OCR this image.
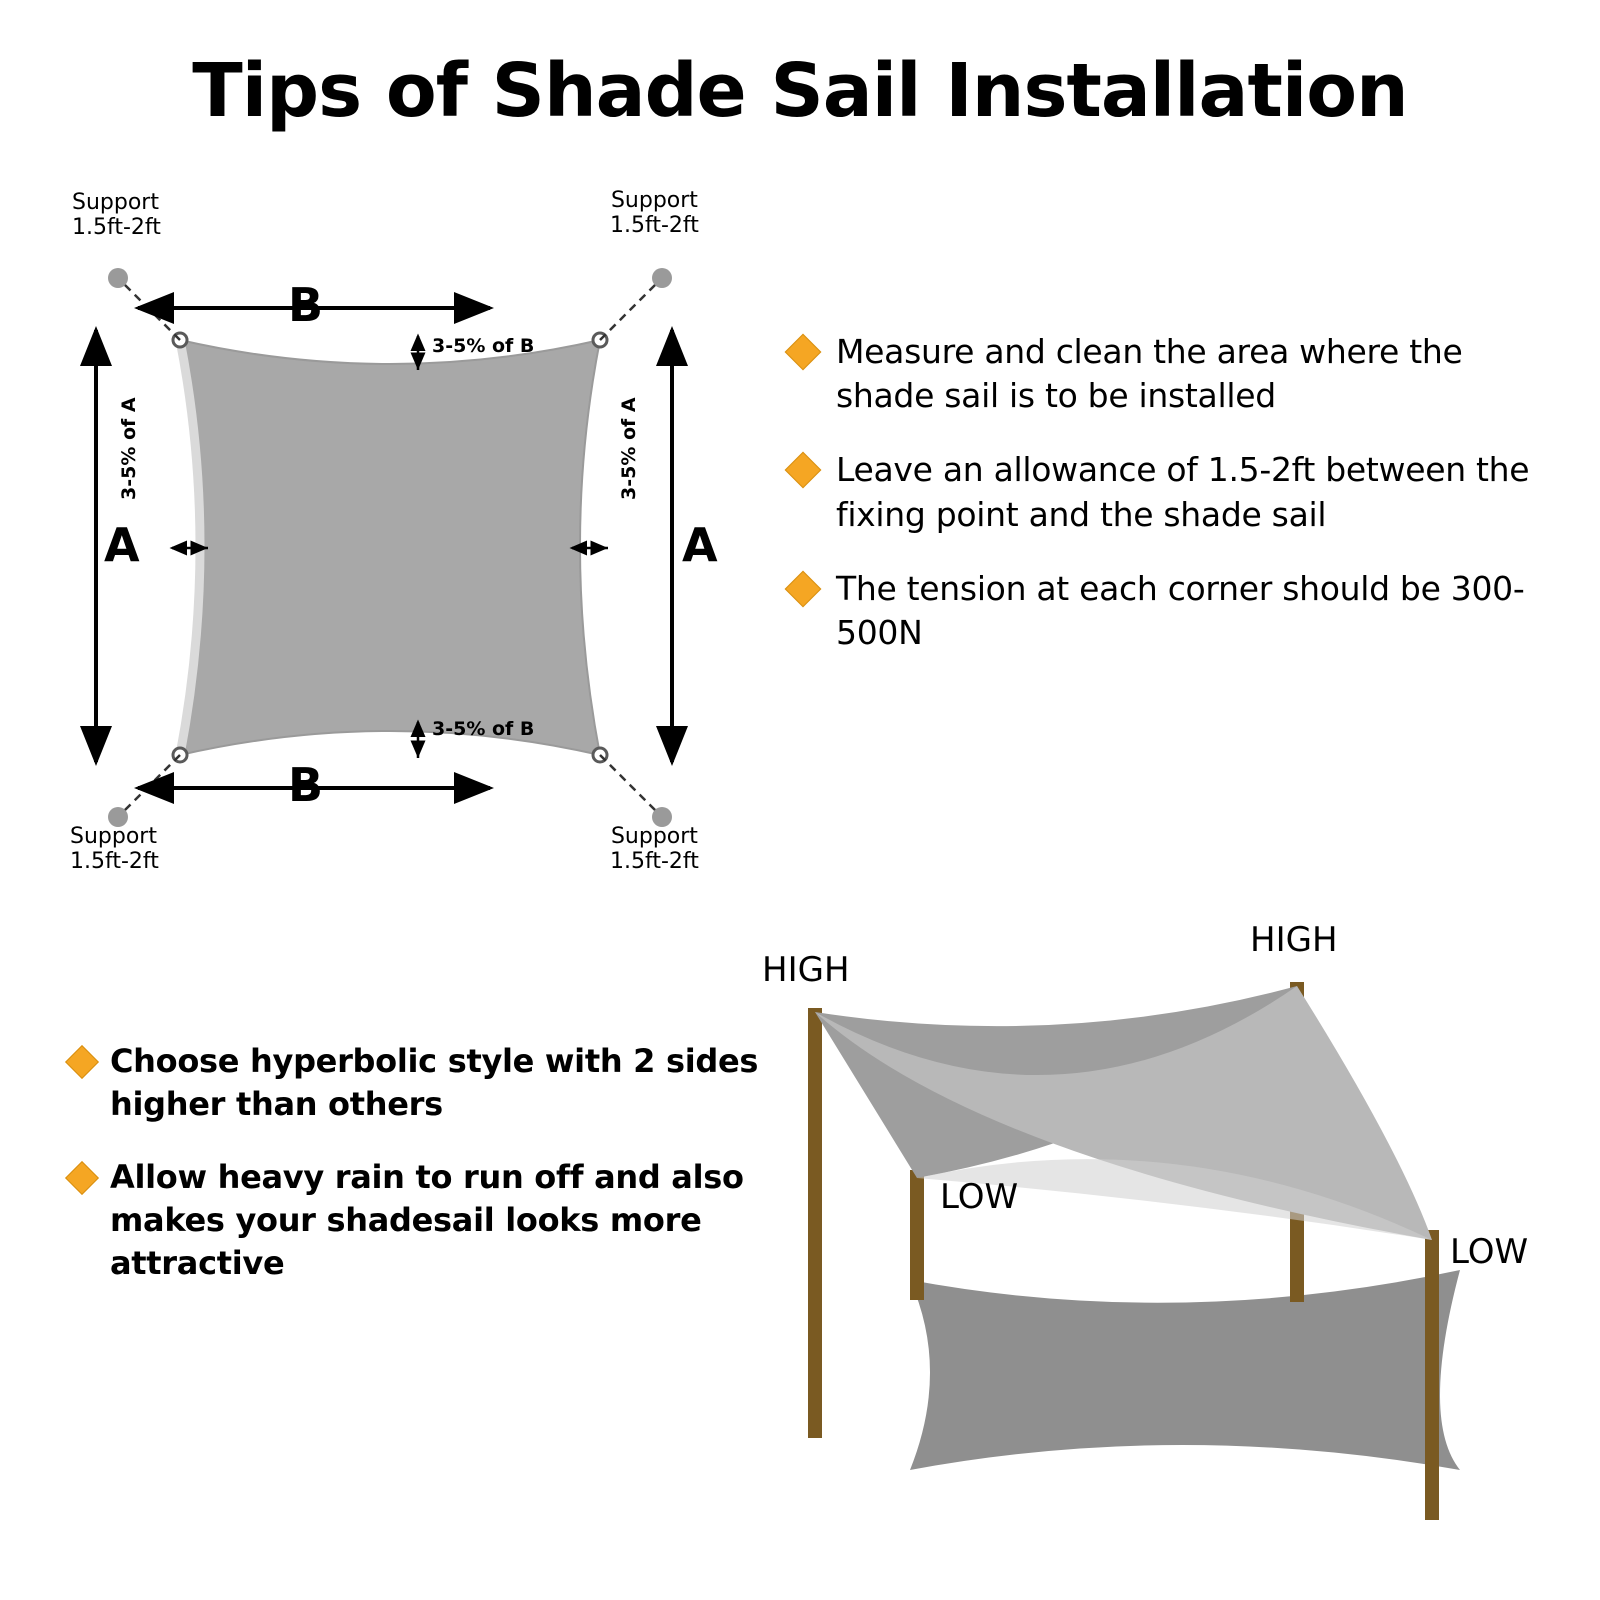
Tips of Shade Sail Installation
Support
1.5ft-2ft
Support
1.5ft-2ft
Support
1.5ft-2ft
Support
1.5ft-2ft
B
B
A	A
3-5% of B
3-5% of B
3-5% of A	3-5% of A
Measure and clean the area where the shade sail is to be installed
Leave an allowance of 1.5-2ft between the fixing point and the shade sail
The tension at each corner should be 300-500N
Choose hyperbolic style with 2 sides higher than others
Allow heavy rain to run off and also makes your shadesail looks more attractive
HIGH
HIGH
LOW
LOW
